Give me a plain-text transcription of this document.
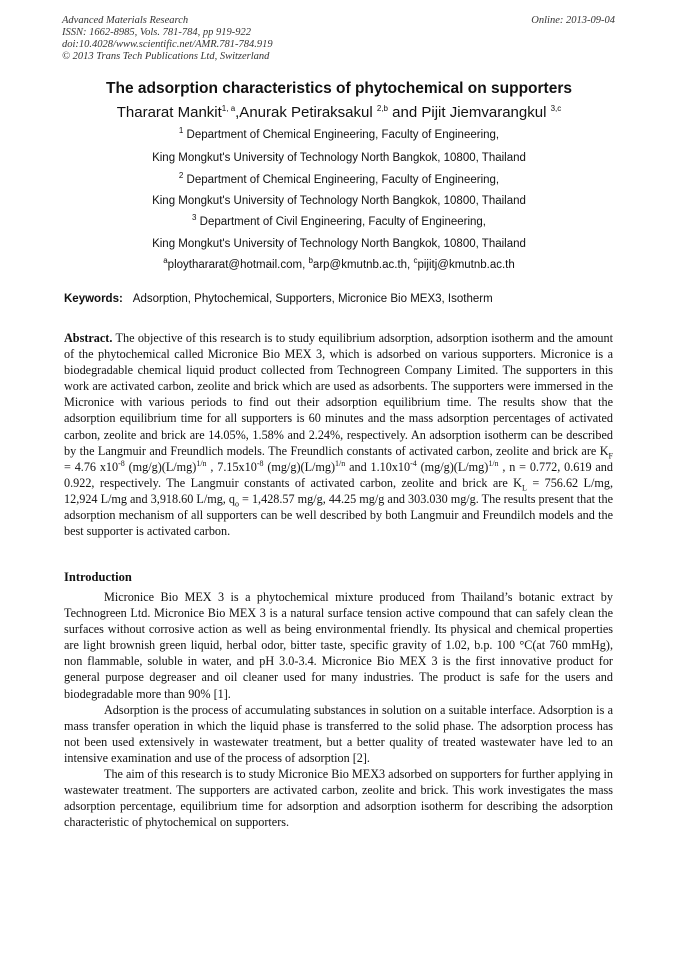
Advanced Materials Research
ISSN: 1662-8985, Vols. 781-784, pp 919-922
doi:10.4028/www.scientific.net/AMR.781-784.919
© 2013 Trans Tech Publications Ltd, Switzerland
Online: 2013-09-04
The adsorption characteristics of phytochemical on supporters
Thararat Mankit$^{1, a}$,Anurak Petiraksakul $^{2,b}$ and Pijit Jiemvarangkul $^{3,c}$
$^1$ Department of Chemical Engineering, Faculty of Engineering,
King Mongkut's University of Technology North Bangkok, 10800, Thailand
$^2$ Department of Chemical Engineering, Faculty of Engineering,
King Mongkut's University of Technology North Bangkok, 10800, Thailand
$^3$ Department of Civil Engineering, Faculty of Engineering,
King Mongkut's University of Technology North Bangkok, 10800, Thailand
$^a$ploythararat@hotmail.com, $^b$arp@kmutnb.ac.th, $^c$pijitj@kmutnb.ac.th
Keywords: Adsorption, Phytochemical, Supporters, Micronice Bio MEX3, Isotherm
Abstract. The objective of this research is to study equilibrium adsorption, adsorption isotherm and the amount of the phytochemical called Micronice Bio MEX 3, which is adsorbed on various supporters. Micronice is a biodegradable chemical liquid product collected from Technogreen Company Limited. The supporters in this work are activated carbon, zeolite and brick which are used as adsorbents. The supporters were immersed in the Micronice with various periods to find out their adsorption equilibrium time. The results show that the adsorption equilibrium time for all supporters is 60 minutes and the mass adsorption percentages of activated carbon, zeolite and brick are 14.05%, 1.58% and 2.24%, respectively. An adsorption isotherm can be described by the Langmuir and Freundlich models. The Freundlich constants of activated carbon, zeolite and brick are $K_F = 4.76$ $x10^{-8}$ $(mg/g)(L/mg)^{1/n}$ , $7.15x10^{-8}$ $(mg/g)(L/mg)^{1/n}$ and $1.10x10^{-4}$ $(mg/g)(L/mg)^{1/n}$ , n = 0.772, 0.619 and 0.922, respectively. The Langmuir constants of activated carbon, zeolite and brick are $K_L = 756.62$ L/mg, 12,924 L/mg and 3,918.60 L/mg, $q_o = 1,428.57$ mg/g, 44.25 mg/g and 303.030 mg/g. The results present that the adsorption mechanism of all supporters can be well described by both Langmuir and Freundilch models and the best supporter is activated carbon.
Introduction

Micronice Bio MEX 3 is a phytochemical mixture produced from Thailand’s botanic extract by Technogreen Ltd. Micronice Bio MEX 3 is a natural surface tension active compound that can safely clean the surfaces without corrosive action as well as being environmental friendly. Its physical and chemical properties are light brownish green liquid, herbal odor, bitter taste, specific gravity of 1.02, b.p. 100 °C(at 760 mmHg), non flammable, soluble in water, and pH 3.0-3.4. Micronice Bio MEX 3 is the first innovative product for general purpose degreaser and oil cleaner used for many industries. The product is safe for the users and biodegradable more than 90% [1].

Adsorption is the process of accumulating substances in solution on a suitable interface. Adsorption is a mass transfer operation in which the liquid phase is transferred to the solid phase. The adsorption process has not been used extensively in wastewater treatment, but a better quality of treated wastewater have led to an intensive examination and use of the process of adsorption [2].

The aim of this research is to study Micronice Bio MEX3 adsorbed on supporters for further applying in wastewater treatment. The supporters are activated carbon, zeolite and brick. This work investigates the mass adsorption percentage, equilibrium time for adsorption and adsorption isotherm for describing the adsorption characteristic of phytochemical on supporters.
